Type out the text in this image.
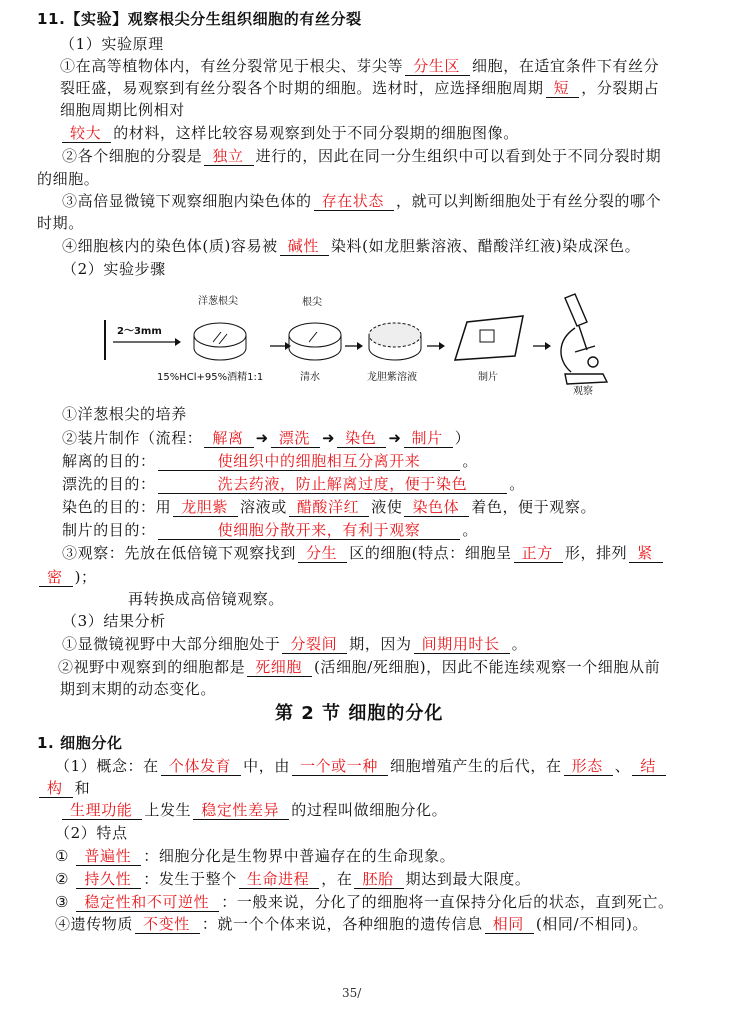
2～3mm
洋葱根尖
15%HCl+95%酒精1:1
根尖
清水	龙胆紫溶液	制片
观察
11.【实验】观察根尖分生组织细胞的有丝分裂
（1）实验原理
①在高等植物体内，有丝分裂常见于根尖、芽尖等 分生区 细胞，在适宜条件下有丝分
裂旺盛，易观察到有丝分裂各个时期的细胞。选材时，应选择细胞周期 短 ，分裂期占
细胞周期比例相对
较大 的材料，这样比较容易观察到处于不同分裂期的细胞图像。
②各个细胞的分裂是 独立 进行的，因此在同一分生组织中可以看到处于不同分裂时期
的细胞。
③高倍显微镜下观察细胞内染色体的 存在状态 ，就可以判断细胞处于有丝分裂的哪个
时期。
④细胞核内的染色体(质)容易被 碱性 染料(如龙胆紫溶液、醋酸洋红液)染成深色。
（2）实验步骤
①洋葱根尖的培养
②装片制作（流程： 解离 ➜ 漂洗 ➜ 染色 ➜ 制片 ）
解离的目的：	使组织中的细胞相互分离开来	。
漂洗的目的：	洗去药液，防止解离过度，便于染色	。
染色的目的：用 龙胆紫 溶液或 醋酸洋红 液使 染色体 着色，便于观察。
制片的目的：	使细胞分散开来，有利于观察	。
③观察：先放在低倍镜下观察找到 分生 区的细胞(特点：细胞呈 正方 形，排列 紧
密 )；
再转换成高倍镜观察。
（3）结果分析
①显微镜视野中大部分细胞处于 分裂间 期，因为 间期用时长 。
②视野中观察到的细胞都是 死细胞 (活细胞/死细胞)，因此不能连续观察一个细胞从前
期到末期的动态变化。
第 2 节 细胞的分化
1. 细胞分化
（1）概念：在 个体发育 中，由 一个或一种 细胞增殖产生的后代，在 形态 、 结
构 和
生理功能 上发生 稳定性差异 的过程叫做细胞分化。
（2）特点
① 普遍性 ：细胞分化是生物界中普遍存在的生命现象。
② 持久性 ：发生于整个 生命进程 ，在 胚胎 期达到最大限度。
③ 稳定性和不可逆性 ：一般来说，分化了的细胞将一直保持分化后的状态，直到死亡。
④遗传物质 不变性 ：就一个个体来说，各种细胞的遗传信息 相同 (相同/不相同)。
35/
